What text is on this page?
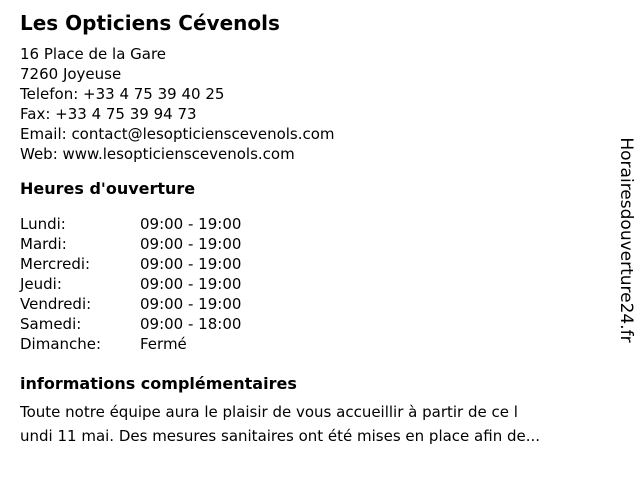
Les Opticiens Cévenols
16 Place de la Gare
7260 Joyeuse
Telefon: +33 4 75 39 40 25
Fax: +33 4 75 39 94 73
Email: contact@lesopticienscevenols.com
Web: www.lesopticienscevenols.com
Heures d'ouverture
Lundi:	09:00 - 19:00
Mardi:	09:00 - 19:00
Mercredi:	09:00 - 19:00
Jeudi:	09:00 - 19:00
Vendredi:	09:00 - 19:00
Samedi:	09:00 - 18:00
Dimanche:	Fermé
informations complémentaires
Toute notre équipe aura le plaisir de vous accueillir à partir de ce l
undi 11 mai. Des mesures sanitaires ont été mises en place afin de...
Horairesdouverture24.fr
